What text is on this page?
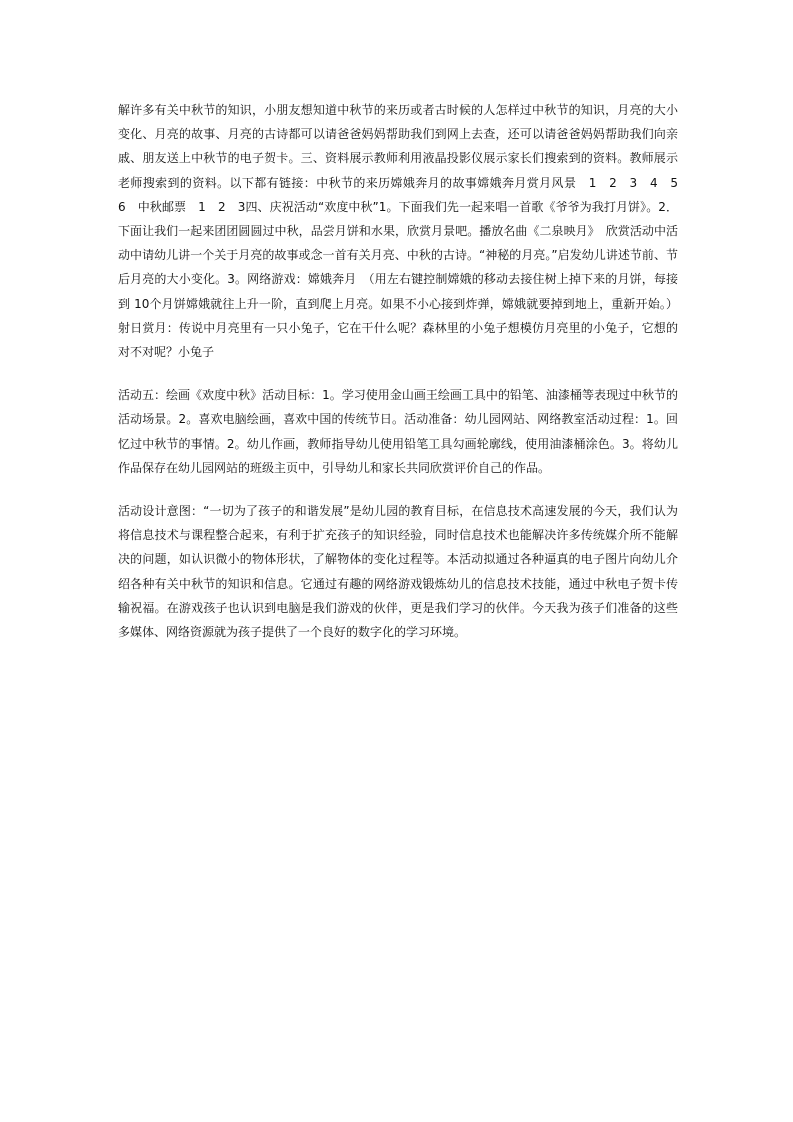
解许多有关中秋节的知识，小朋友想知道中秋节的来历或者古时候的人怎样过中秋节的知识，月亮的大小变化、月亮的故事、月亮的古诗都可以请爸爸妈妈帮助我们到网上去查，还可以请爸爸妈妈帮助我们向亲戚、朋友送上中秋节的电子贺卡。三、资料展示教师利用液晶投影仪展示家长们搜索到的资料。教师展示老师搜索到的资料。以下都有链接：中秋节的来历嫦娥奔月的故事嫦娥奔月赏月风景　1　2　3　4　5　6　中秋邮票　1　2　3四、庆祝活动“欢度中秋”1。下面我们先一起来唱一首歌《爷爷为我打月饼》。2．下面让我们一起来团团圆圆过中秋，品尝月饼和水果，欣赏月景吧。播放名曲《二泉映月》　欣赏活动中活动中请幼儿讲一个关于月亮的故事或念一首有关月亮、中秋的古诗。“神秘的月亮。”启发幼儿讲述节前、节后月亮的大小变化。3。网络游戏：嫦娥奔月　（用左右键控制嫦娥的移动去接住树上掉下来的月饼，每接到 10个月饼嫦娥就往上升一阶，直到爬上月亮。如果不小心接到炸弹，嫦娥就要掉到地上，重新开始。）射日赏月：传说中月亮里有一只小兔子，它在干什么呢？森林里的小兔子想模仿月亮里的小兔子，它想的对不对呢？小兔子

活动五：绘画《欢度中秋》活动目标：1。学习使用金山画王绘画工具中的铅笔、油漆桶等表现过中秋节的活动场景。2。喜欢电脑绘画，喜欢中国的传统节日。活动准备：幼儿园网站、网络教室活动过程：1。回忆过中秋节的事情。2。幼儿作画，教师指导幼儿使用铅笔工具勾画轮廓线，使用油漆桶涂色。3。将幼儿作品保存在幼儿园网站的班级主页中，引导幼儿和家长共同欣赏评价自己的作品。

活动设计意图：“一切为了孩子的和谐发展”是幼儿园的教育目标，在信息技术高速发展的今天，我们认为将信息技术与课程整合起来，有利于扩充孩子的知识经验，同时信息技术也能解决许多传统媒介所不能解决的问题，如认识微小的物体形状，了解物体的变化过程等。本活动拟通过各种逼真的电子图片向幼儿介绍各种有关中秋节的知识和信息。它通过有趣的网络游戏锻炼幼儿的信息技术技能，通过中秋电子贺卡传输祝福。在游戏孩子也认识到电脑是我们游戏的伙伴，更是我们学习的伙伴。今天我为孩子们准备的这些多媒体、网络资源就为孩子提供了一个良好的数字化的学习环境。
